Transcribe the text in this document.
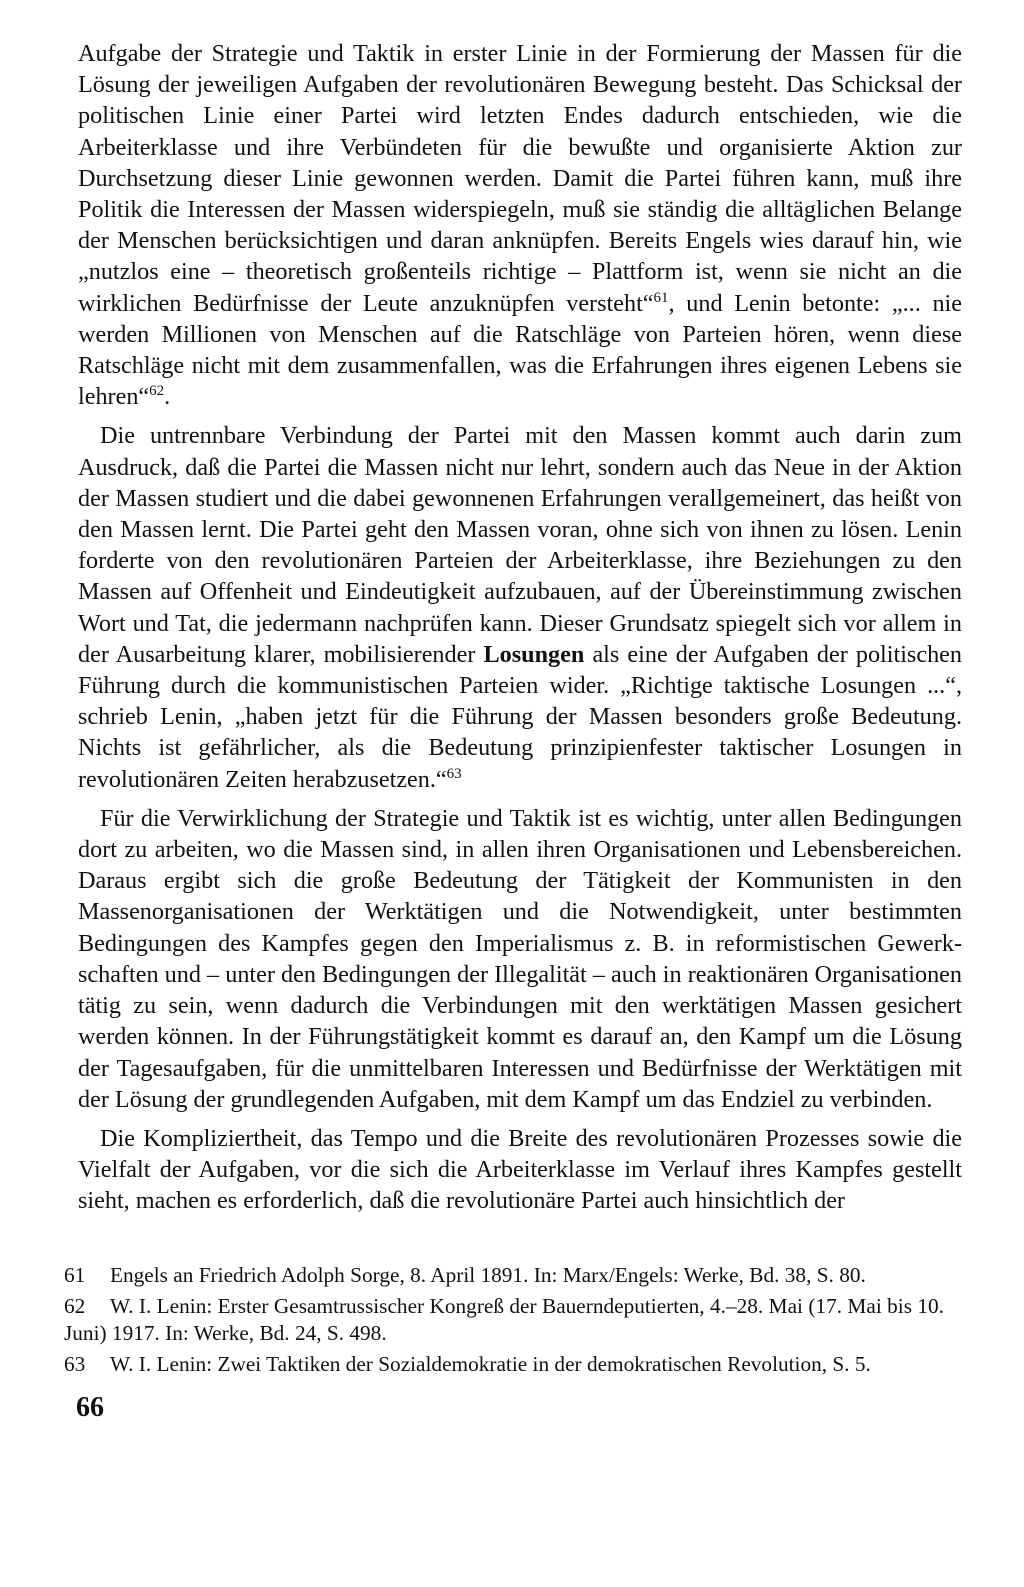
Aufgabe der Strategie und Taktik in erster Linie in der Formierung der Massen für die Lösung der jeweiligen Aufgaben der revolutionären Bewegung besteht. Das Schicksal der politischen Linie einer Partei wird letzten Endes dadurch entschieden, wie die Arbeiterklasse und ihre Verbündeten für die bewußte und organisierte Aktion zur Durchsetzung dieser Linie gewonnen werden. Damit die Partei führen kann, muß ihre Politik die Interessen der Massen widerspiegeln, muß sie ständig die alltäglichen Belange der Menschen berücksichtigen und daran anknüpfen. Bereits Engels wies darauf hin, wie „nutzlos eine – theoretisch großenteils richtige – Plattform ist, wenn sie nicht an die wirklichen Bedürfnisse der Leute anzuknüpfen versteht“$^{61}$, und Lenin betonte: „... nie werden Millionen von Menschen auf die Ratschläge von Parteien hören, wenn diese Ratschläge nicht mit dem zusammenfallen, was die Erfahrungen ihres eigenen Lebens sie lehren“$^{62}$.

Die untrennbare Verbindung der Partei mit den Massen kommt auch darin zum Ausdruck, daß die Partei die Massen nicht nur lehrt, sondern auch das Neue in der Aktion der Massen studiert und die dabei gewonnenen Erfahrungen verallgemeinert, das heißt von den Massen lernt. Die Partei geht den Massen voran, ohne sich von ihnen zu lösen. Lenin forderte von den revolutionären Parteien der Arbeiterklasse, ihre Beziehungen zu den Massen auf Offenheit und Eindeutigkeit aufzubauen, auf der Übereinstimmung zwischen Wort und Tat, die jedermann nachprüfen kann. Dieser Grundsatz spiegelt sich vor allem in der Ausarbeitung klarer, mobilisierender Losungen als eine der Aufgaben der politischen Führung durch die kommunistischen Parteien wider. „Richtige taktische Losungen ...“, schrieb Lenin, „haben jetzt für die Führung der Massen besonders große Bedeutung. Nichts ist gefährlicher, als die Bedeutung prinzipienfester taktischer Losungen in revolutionären Zeiten herabzusetzen.“$^{63}$

Für die Verwirklichung der Strategie und Taktik ist es wichtig, unter allen Bedingungen dort zu arbeiten, wo die Massen sind, in allen ihren Organisationen und Lebensbereichen. Daraus ergibt sich die große Bedeutung der Tätigkeit der Kommunisten in den Massenorganisationen der Werktätigen und die Notwendigkeit, unter bestimmten Bedingungen des Kampfes gegen den Imperialismus z. B. in reformistischen Gewerkschaften und – unter den Bedingungen der Illegalität – auch in reaktionären Organisationen tätig zu sein, wenn dadurch die Verbindungen mit den werktätigen Massen gesichert werden können. In der Führungstätigkeit kommt es darauf an, den Kampf um die Lösung der Tagesaufgaben, für die unmittelbaren Interessen und Bedürfnisse der Werktätigen mit der Lösung der grundlegenden Aufgaben, mit dem Kampf um das Endziel zu verbinden.

Die Kompliziertheit, das Tempo und die Breite des revolutionären Prozesses sowie die Vielfalt der Aufgaben, vor die sich die Arbeiterklasse im Verlauf ihres Kampfes gestellt sieht, machen es erforderlich, daß die revolutionäre Partei auch hinsichtlich der

61 Engels an Friedrich Adolph Sorge, 8. April 1891. In: Marx/Engels: Werke, Bd. 38, S. 80.

62 W. I. Lenin: Erster Gesamtrussischer Kongreß der Bauerndeputierten, 4.–28. Mai (17. Mai bis 10. Juni) 1917. In: Werke, Bd. 24, S. 498.

63 W. I. Lenin: Zwei Taktiken der Sozialdemokratie in der demokratischen Revolution, S. 5.

66
